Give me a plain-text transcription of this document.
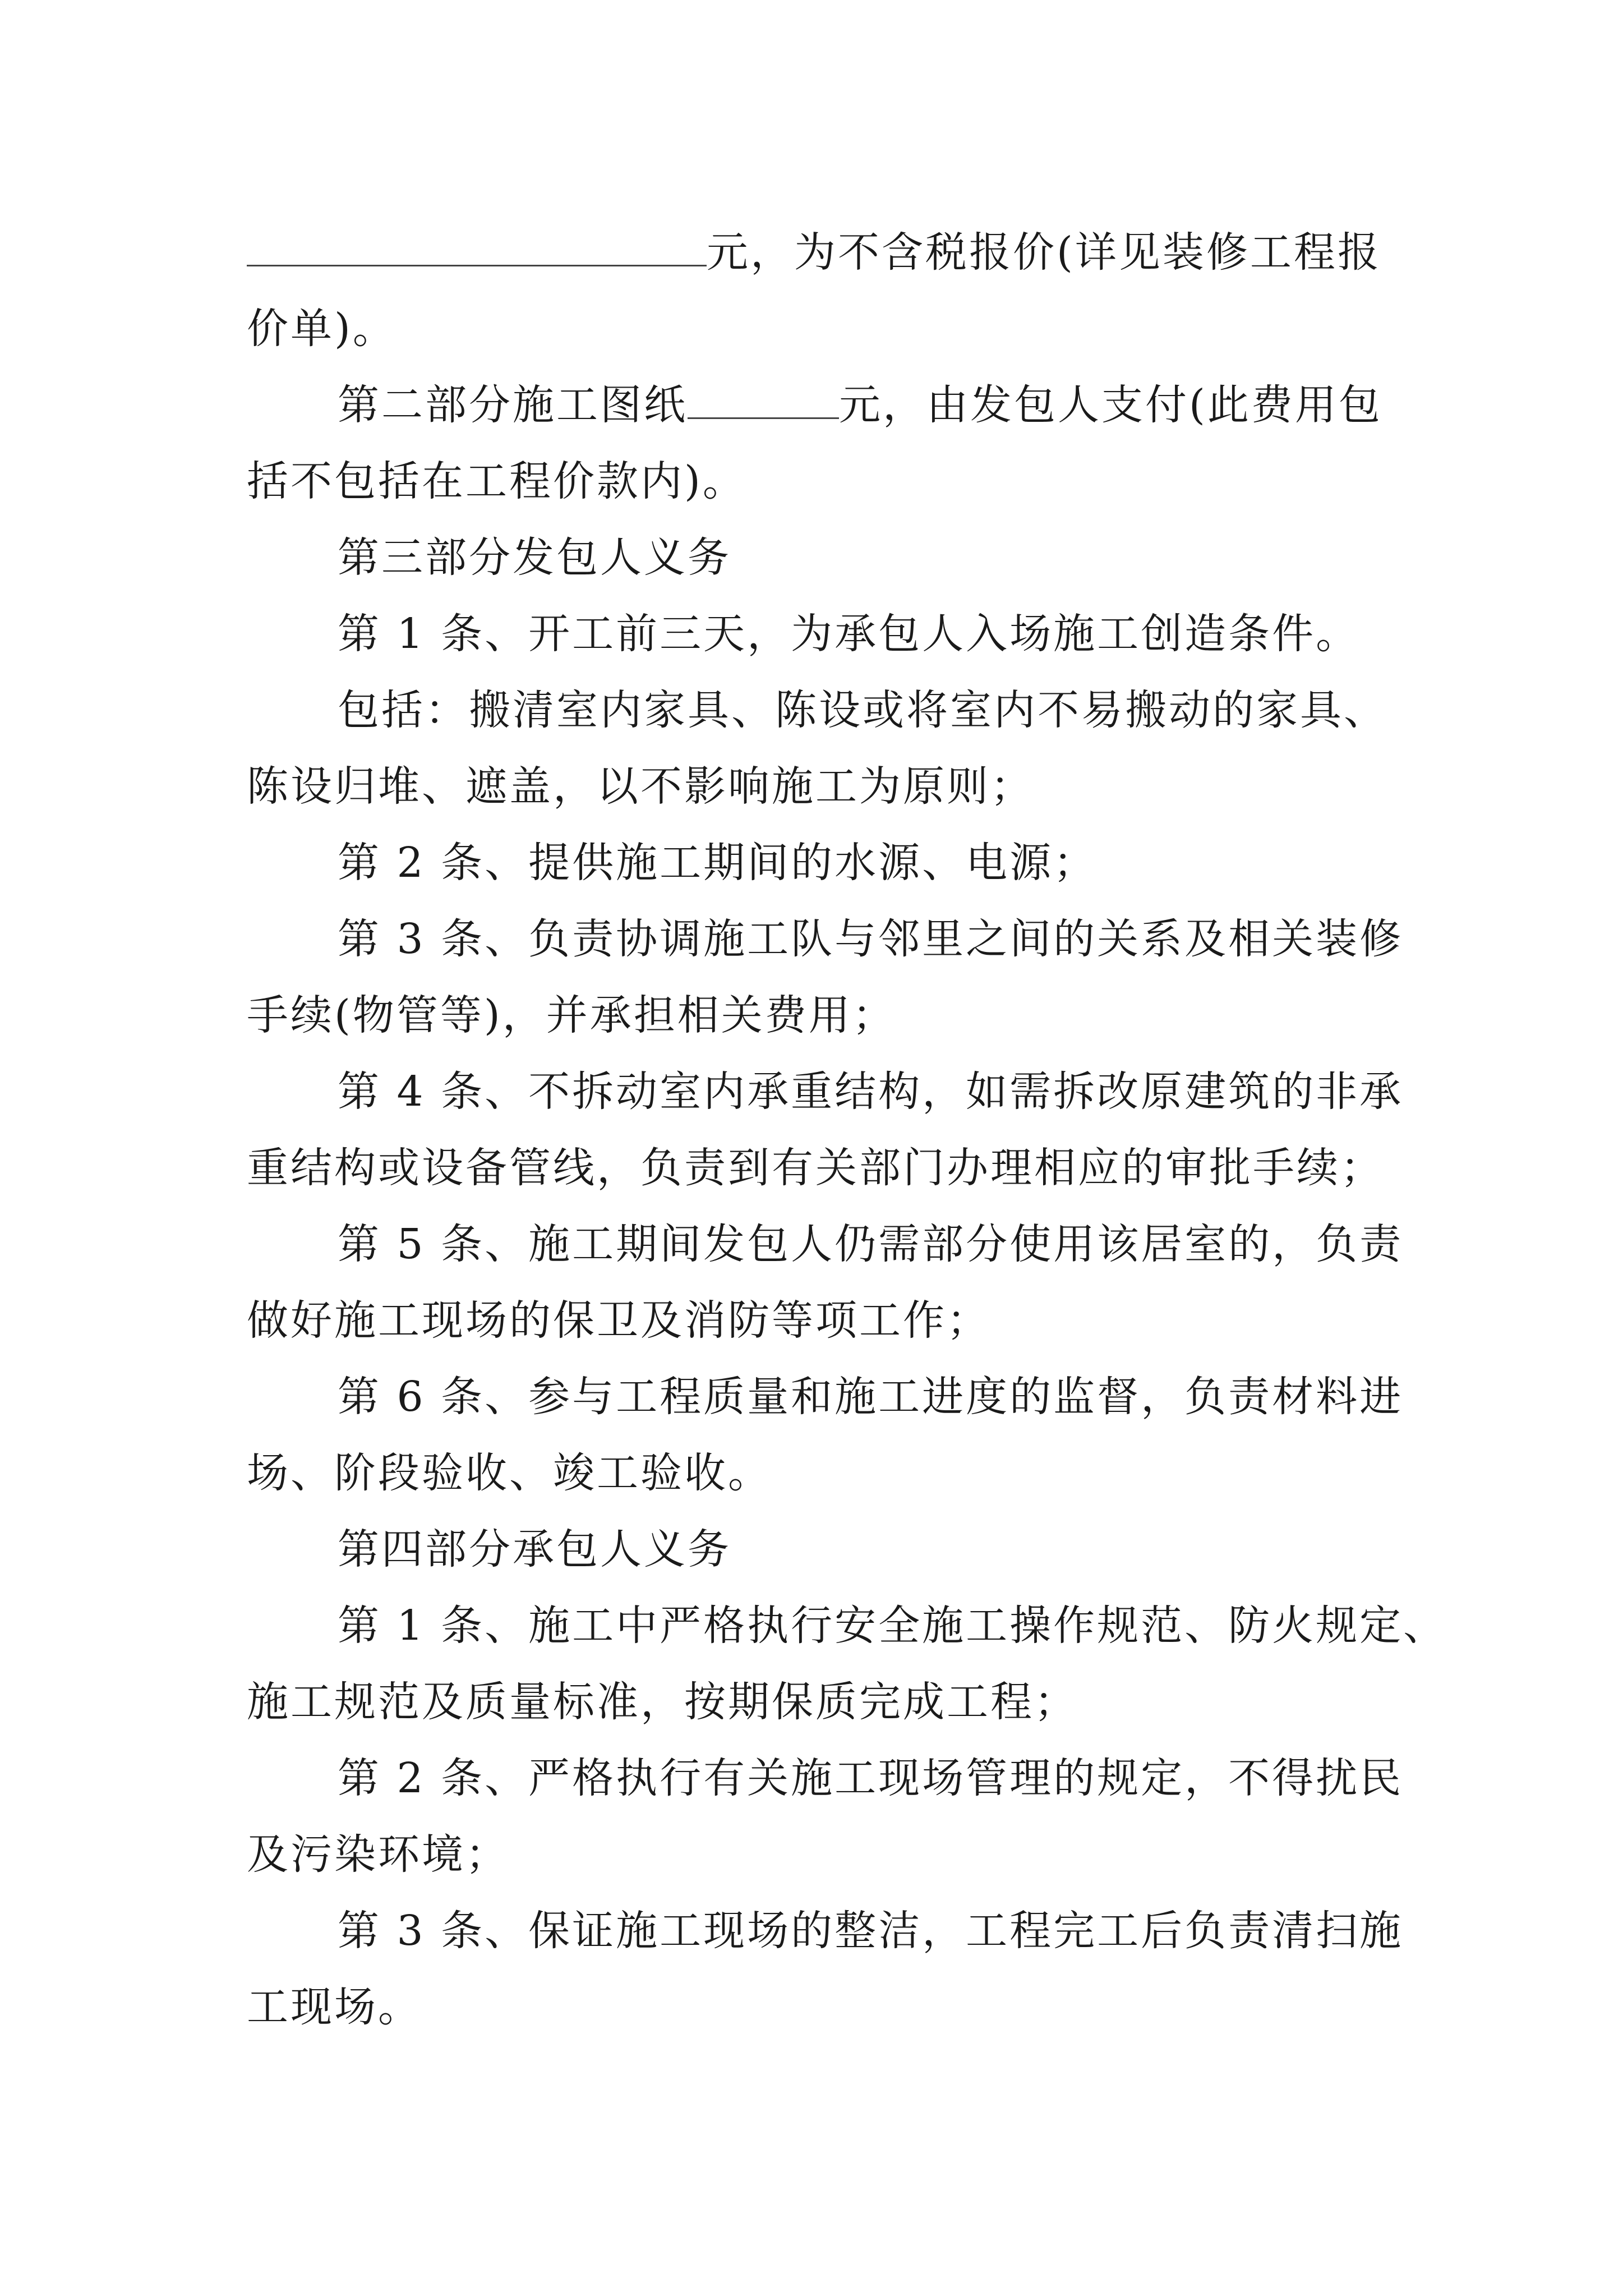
元，为不含税报价(详见装修工程报
价单)。
第二部分施工图纸	元，由发包人支付(此费用包
括不包括在工程价款内)。
第三部分发包人义务
第 1 条、开工前三天，为承包人入场施工创造条件。
包括：搬清室内家具、陈设或将室内不易搬动的家具、
陈设归堆、遮盖，以不影响施工为原则；
第 2 条、提供施工期间的水源、电源；
第 3 条、负责协调施工队与邻里之间的关系及相关装修
手续(物管等)，并承担相关费用；
第 4 条、不拆动室内承重结构，如需拆改原建筑的非承
重结构或设备管线，负责到有关部门办理相应的审批手续；
第 5 条、施工期间发包人仍需部分使用该居室的，负责
做好施工现场的保卫及消防等项工作；
第 6 条、参与工程质量和施工进度的监督，负责材料进
场、阶段验收、竣工验收。
第四部分承包人义务
第 1 条、施工中严格执行安全施工操作规范、防火规定、
施工规范及质量标准，按期保质完成工程；
第 2 条、严格执行有关施工现场管理的规定，不得扰民
及污染环境；
第 3 条、保证施工现场的整洁，工程完工后负责清扫施
工现场。
